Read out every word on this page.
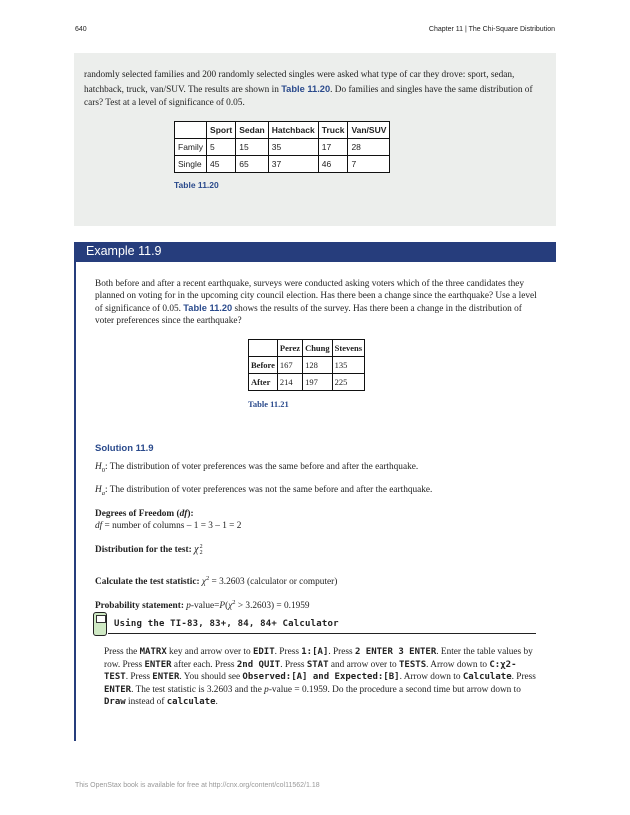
640	Chapter 11 | The Chi-Square Distribution
randomly selected families and 200 randomly selected singles were asked what type of car they drove: sport, sedan, hatchback, truck, van/SUV. The results are shown in Table 11.20. Do families and singles have the same distribution of cars? Test at a level of significance of 0.05.
	Sport	Sedan	Hatchback	Truck	Van/SUV
Family	5	15	35	17	28
Single	45	65	37	46	7
Table 11.20
Example 11.9
Both before and after a recent earthquake, surveys were conducted asking voters which of the three candidates they planned on voting for in the upcoming city council election. Has there been a change since the earthquake? Use a level of significance of 0.05. Table 11.20 shows the results of the survey. Has there been a change in the distribution of voter preferences since the earthquake?
	Perez	Chung	Stevens
Before	167	128	135
After	214	197	225
Table 11.21
Solution 11.9
$H_0$: The distribution of voter preferences was the same before and after the earthquake.
$H_a$: The distribution of voter preferences was not the same before and after the earthquake.
Degrees of Freedom (df):
df = number of columns – 1 = 3 – 1 = 2
Distribution for the test: χ 2
2
Calculate the test statistic: $\chi^2 = 3.2603$ (calculator or computer)
Probability statement: $p-value=P(\chi^2 > 3.2603) = 0.1959$
Using the TI-83, 83+, 84, 84+ Calculator
Press the MATRX key and arrow over to EDIT. Press 1:[A]. Press 2 ENTER 3 ENTER. Enter the table values by row. Press ENTER after each. Press 2nd QUIT. Press STAT and arrow over to TESTS. Arrow down to C:χ2-TEST. Press ENTER. You should see Observed:[A] and Expected:[B]. Arrow down to Calculate. Press ENTER. The test statistic is 3.2603 and the p-value = 0.1959. Do the procedure a second time but arrow down to Draw instead of calculate.
This OpenStax book is available for free at http://cnx.org/content/col11562/1.18
